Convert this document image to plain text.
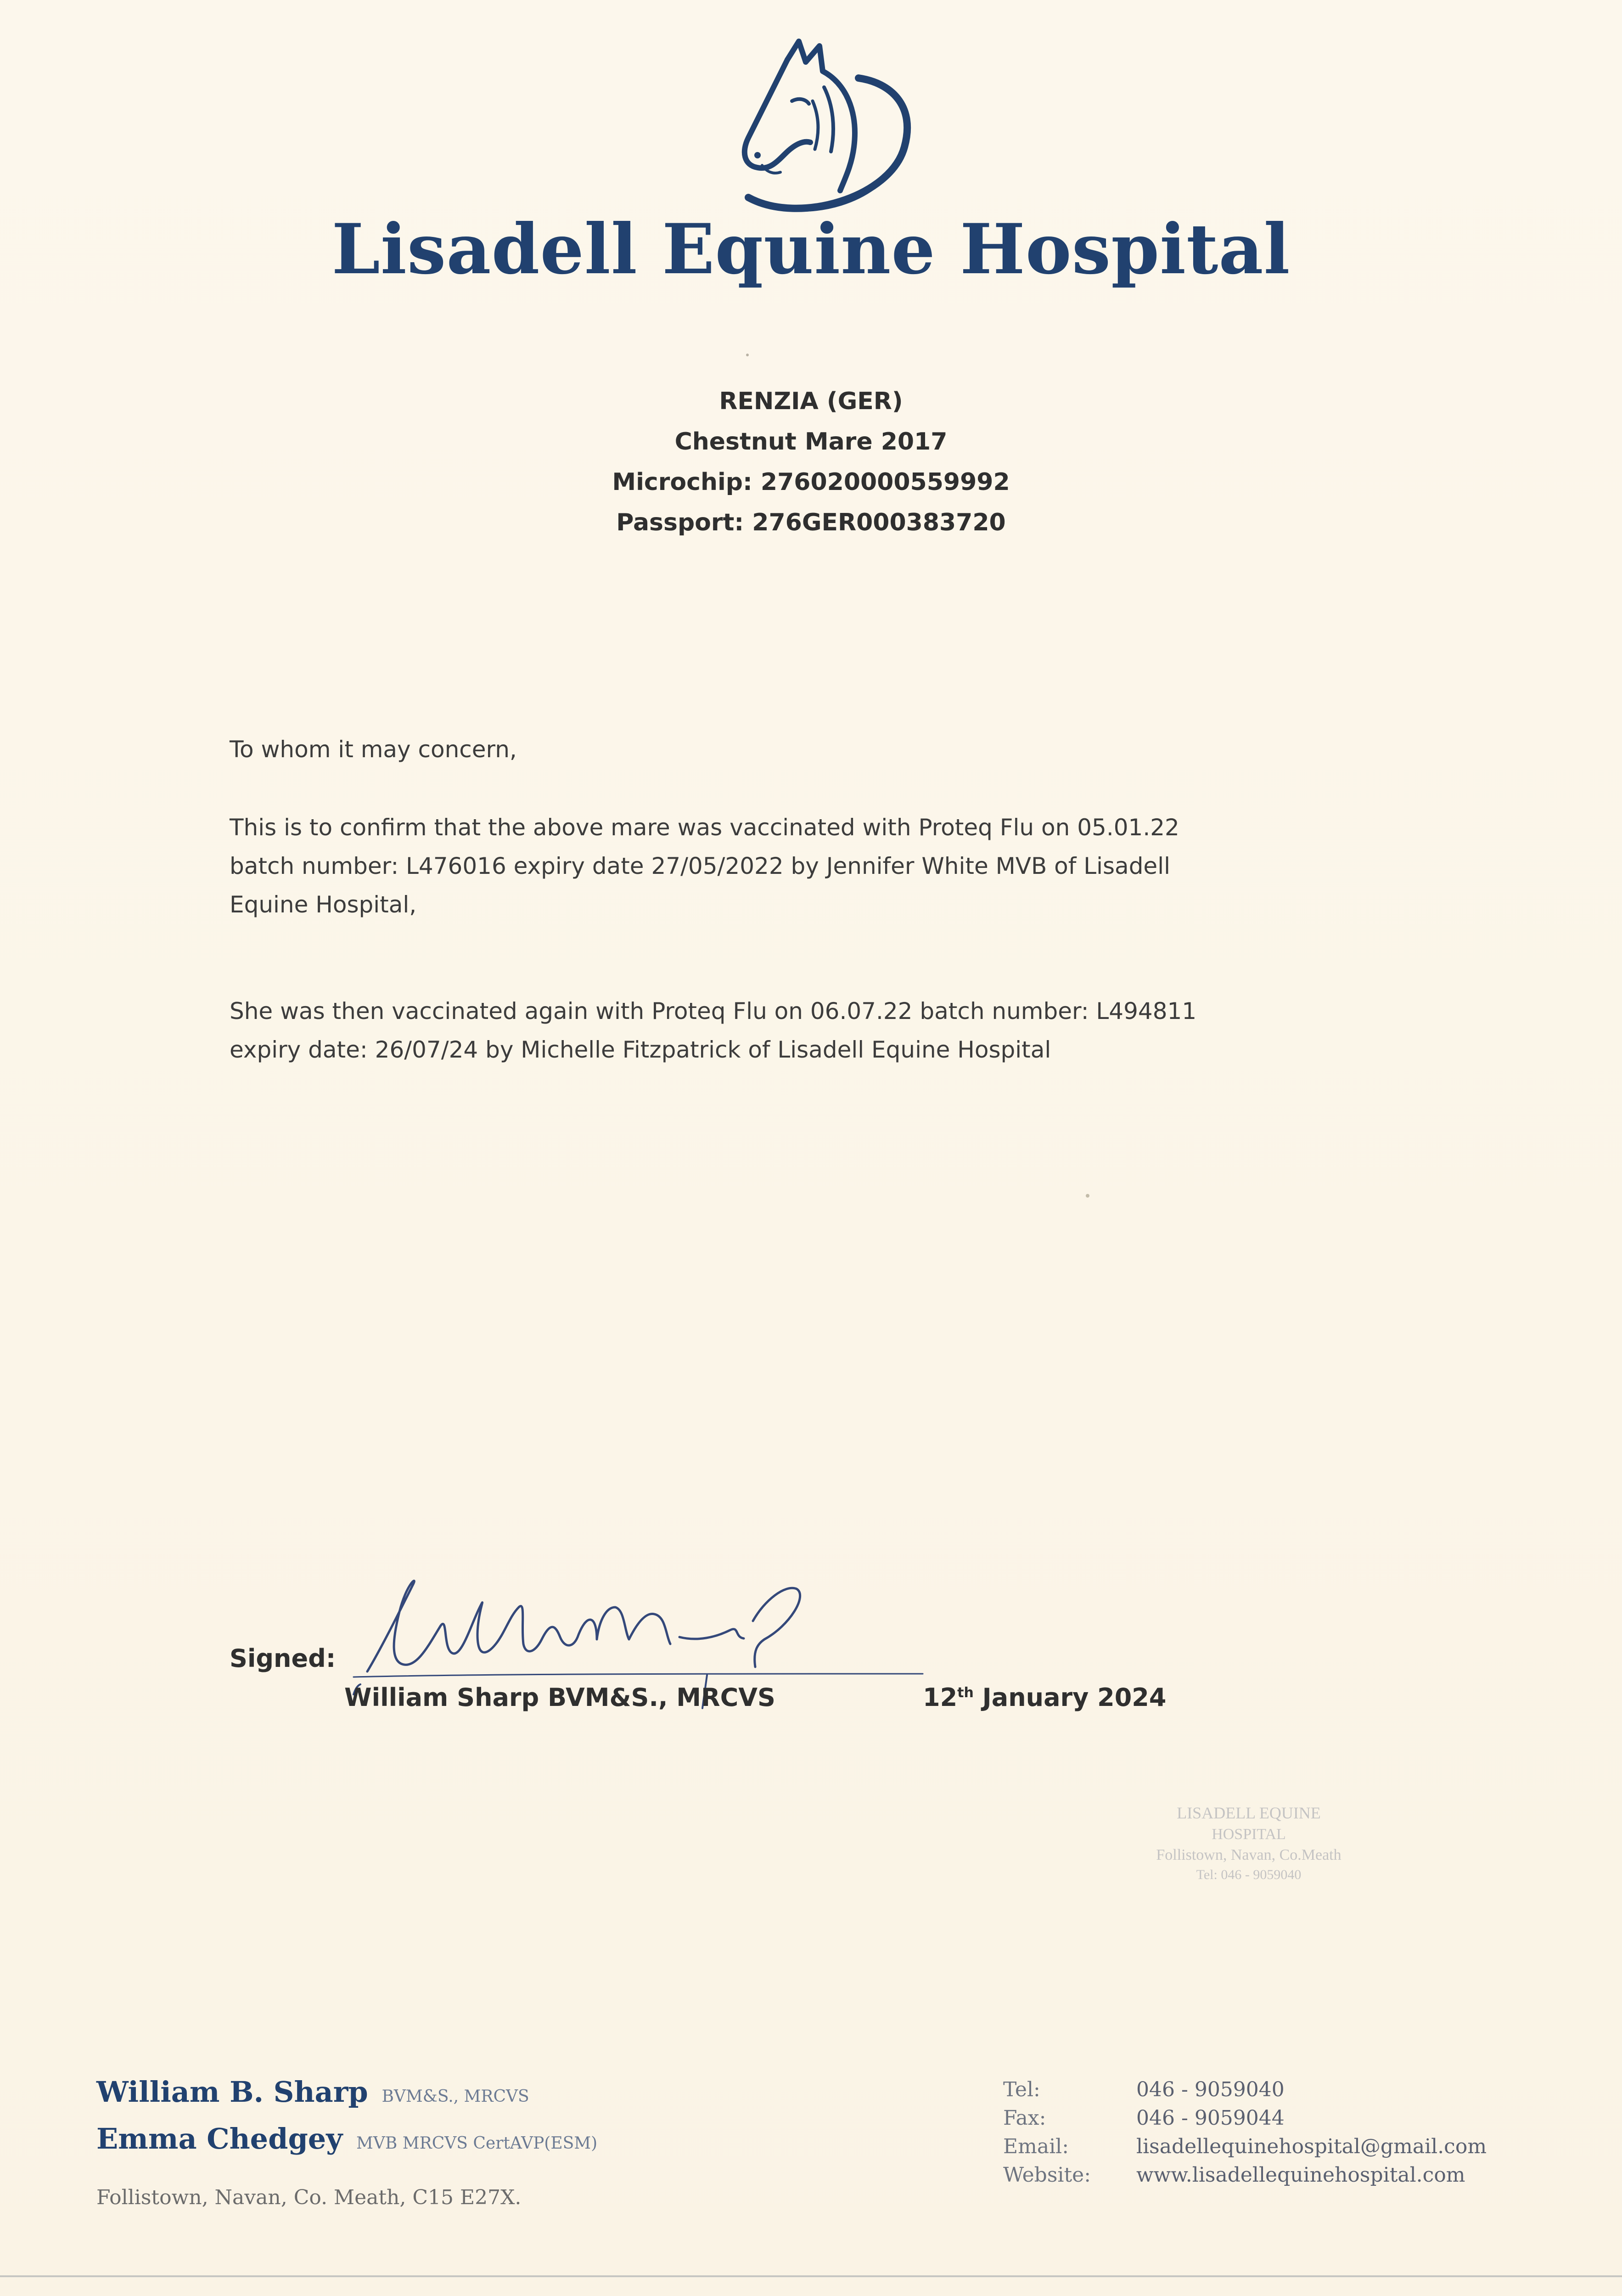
Lisadell Equine Hospital
RENZIA (GER)
Chestnut Mare 2017
Microchip: 276020000559992
Passport: 276GER000383720

To whom it may concern,

This is to confirm that the above mare was vaccinated with Proteq Flu on 05.01.22
batch number: L476016 expiry date 27/05/2022 by Jennifer White MVB of Lisadell
Equine Hospital,
She was then vaccinated again with Proteq Flu on 06.07.22 batch number: L494811
expiry date: 26/07/24 by Michelle Fitzpatrick of Lisadell Equine Hospital
Signed:
William Sharp BVM&S., MRCVS	12th January 2024
LISADELL EQUINE
HOSPITAL
Follistown, Navan, Co.Meath
Tel: 046 - 9059040
William B. Sharp BVM&S., MRCVS
Emma Chedgey MVB MRCVS CertAVP(ESM)
Follistown, Navan, Co. Meath, C15 E27X.
Tel:	046 - 9059040
Fax:	046 - 9059044
Email:	lisadellequinehospital@gmail.com
Website:	www.lisadellequinehospital.com
